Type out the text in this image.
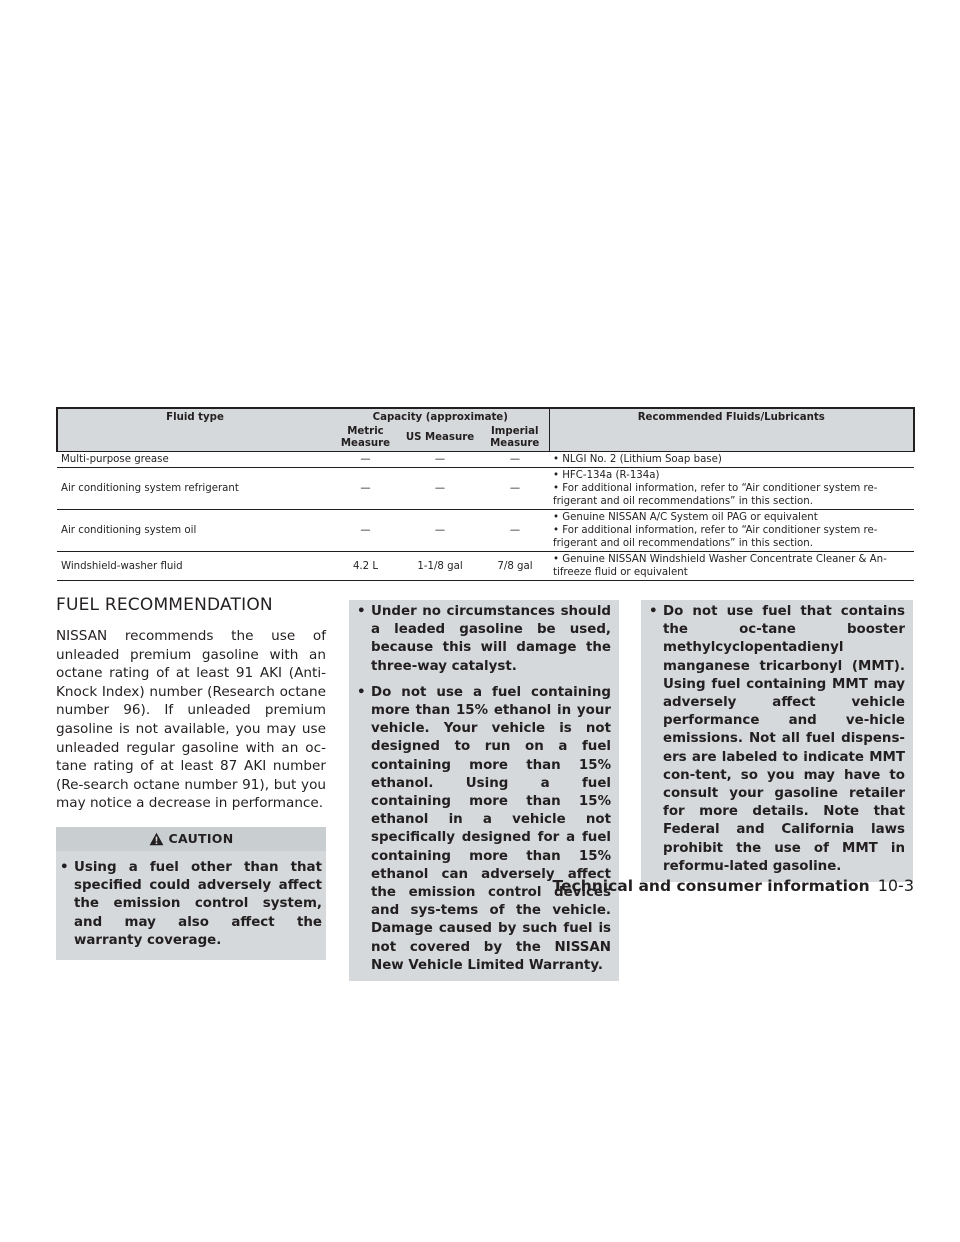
Fluid type	Capacity (approximate)			Recommended Fluids/Lubricants
	Metric Measure	US Measure	Imperial Measure	
Multi-purpose grease	—	—	—	• NLGI No. 2 (Lithium Soap base)

Air conditioning system refrigerant	—	—	—	• HFC-134a (R-134a)
• For additional information, refer to “Air conditioner system re-frigerant and oil recommendations” in this section.

Air conditioning system oil	—	—	—	• Genuine NISSAN A/C System oil PAG or equivalent
• For additional information, refer to “Air conditioner system re-frigerant and oil recommendations” in this section.

Windshield-washer fluid	4.2 L	1-1/8 gal	7/8 gal	• Genuine NISSAN Windshield Washer Concentrate Cleaner & An-tifreeze fluid or equivalent
FUEL RECOMMENDATION

NISSAN recommends the use of unleaded premium gasoline with an octane rating of at least 91 AKI (Anti-Knock Index) number (Research octane number 96). If unleaded premium gasoline is not available, you may use unleaded regular gasoline with an oc-tane rating of at least 87 AKI number (Re-search octane number 91), but you may notice a decrease in performance.

CAUTION
• Using a fuel other than that specified could adversely affect the emission control system, and may also affect the warranty coverage.
• Under no circumstances should a leaded gasoline be used, because this will damage the three-way catalyst.
• Do not use a fuel containing more than 15% ethanol in your vehicle. Your vehicle is not designed to run on a fuel containing more than 15% ethanol. Using a fuel containing more than 15% ethanol in a vehicle not specifically designed for a fuel containing more than 15% ethanol can adversely affect the emission control devices and sys-tems of the vehicle. Damage caused by such fuel is not covered by the NISSAN New Vehicle Limited Warranty.
• Do not use fuel that contains the oc-tane booster methylcyclopentadienyl manganese tricarbonyl (MMT). Using fuel containing MMT may adversely affect vehicle performance and ve-hicle emissions. Not all fuel dispens-ers are labeled to indicate MMT con-tent, so you may have to consult your gasoline retailer for more details. Note that Federal and California laws prohibit the use of MMT in reformu-lated gasoline.
Technical and consumer information 10-3
